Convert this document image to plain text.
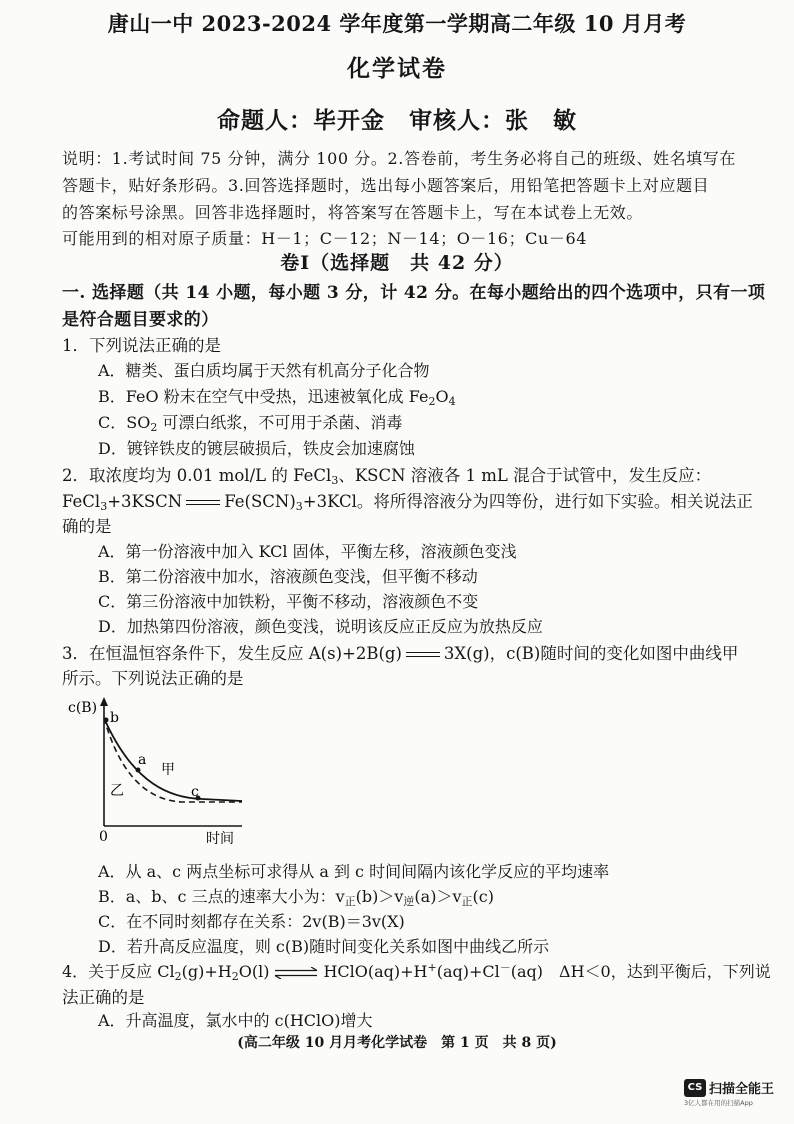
唐山一中 2023-2024 学年度第一学期高二年级 10 月月考
化学试卷
命题人：毕开金　审核人：张　敏
说明：1.考试时间 75 分钟，满分 100 分。2.答卷前，考生务必将自己的班级、姓名填写在
答题卡，贴好条形码。3.回答选择题时，选出每小题答案后，用铅笔把答题卡上对应题目
的答案标号涂黑。回答非选择题时，将答案写在答题卡上，写在本试卷上无效。
可能用到的相对原子质量：H－1；C－12；N－14；O－16；Cu－64
卷Ⅰ（选择题　共 42 分）
一. 选择题（共 14 小题，每小题 3 分，计 42 分。在每小题给出的四个选项中，只有一项
是符合题目要求的）
1．下列说法正确的是
A．糖类、蛋白质均属于天然有机高分子化合物
B．FeO 粉末在空气中受热，迅速被氧化成 $Fe_2O_4$
C．$SO_2$ 可漂白纸浆，不可用于杀菌、消毒
D．镀锌铁皮的镀层破损后，铁皮会加速腐蚀
2．取浓度均为 0.01 mol/L 的 FeCl$_3$、KSCN 溶液各 1 mL 混合于试管中，发生反应：
FeCl$_3$+3KSCN	$Fe(SCN)_3+3KCl$。将所得溶液分为四等份，进行如下实验。相关说法正
确的是
A．第一份溶液中加入 KCl 固体，平衡左移，溶液颜色变浅
B．第二份溶液中加水，溶液颜色变浅，但平衡不移动
C．第三份溶液中加铁粉，平衡不移动，溶液颜色不变
D．加热第四份溶液，颜色变浅，说明该反应正反应为放热反应
3．在恒温恒容条件下，发生反应 A(s)+2B(g)	3X(g)，c(B)随时间的变化如图中曲线甲
所示。下列说法正确的是
c(B)
b
a
甲
乙	c
0	时间
A．从 a、c 两点坐标可求得从 a 到 c 时间间隔内该化学反应的平均速率
B．a、b、c 三点的速率大小为：$v_正(b)>v_逆(a)>v_正(c)$
C．在不同时刻都存在关系：2v(B)＝3v(X)
D．若升高反应温度，则 c(B)随时间变化关系如图中曲线乙所示
4．关于反应 $Cl_2(g)+H_2O(l)$ ⇌ HClO(aq)+H+(aq)+Cl－(aq)　ΔH＜0，达到平衡后，下列说
法正确的是
A．升高温度，氯水中的 c(HClO)增大
(高二年级 10 月月考化学试卷　第 1 页　共 8 页)
CS 扫描全能王
3亿人都在用的扫描App
